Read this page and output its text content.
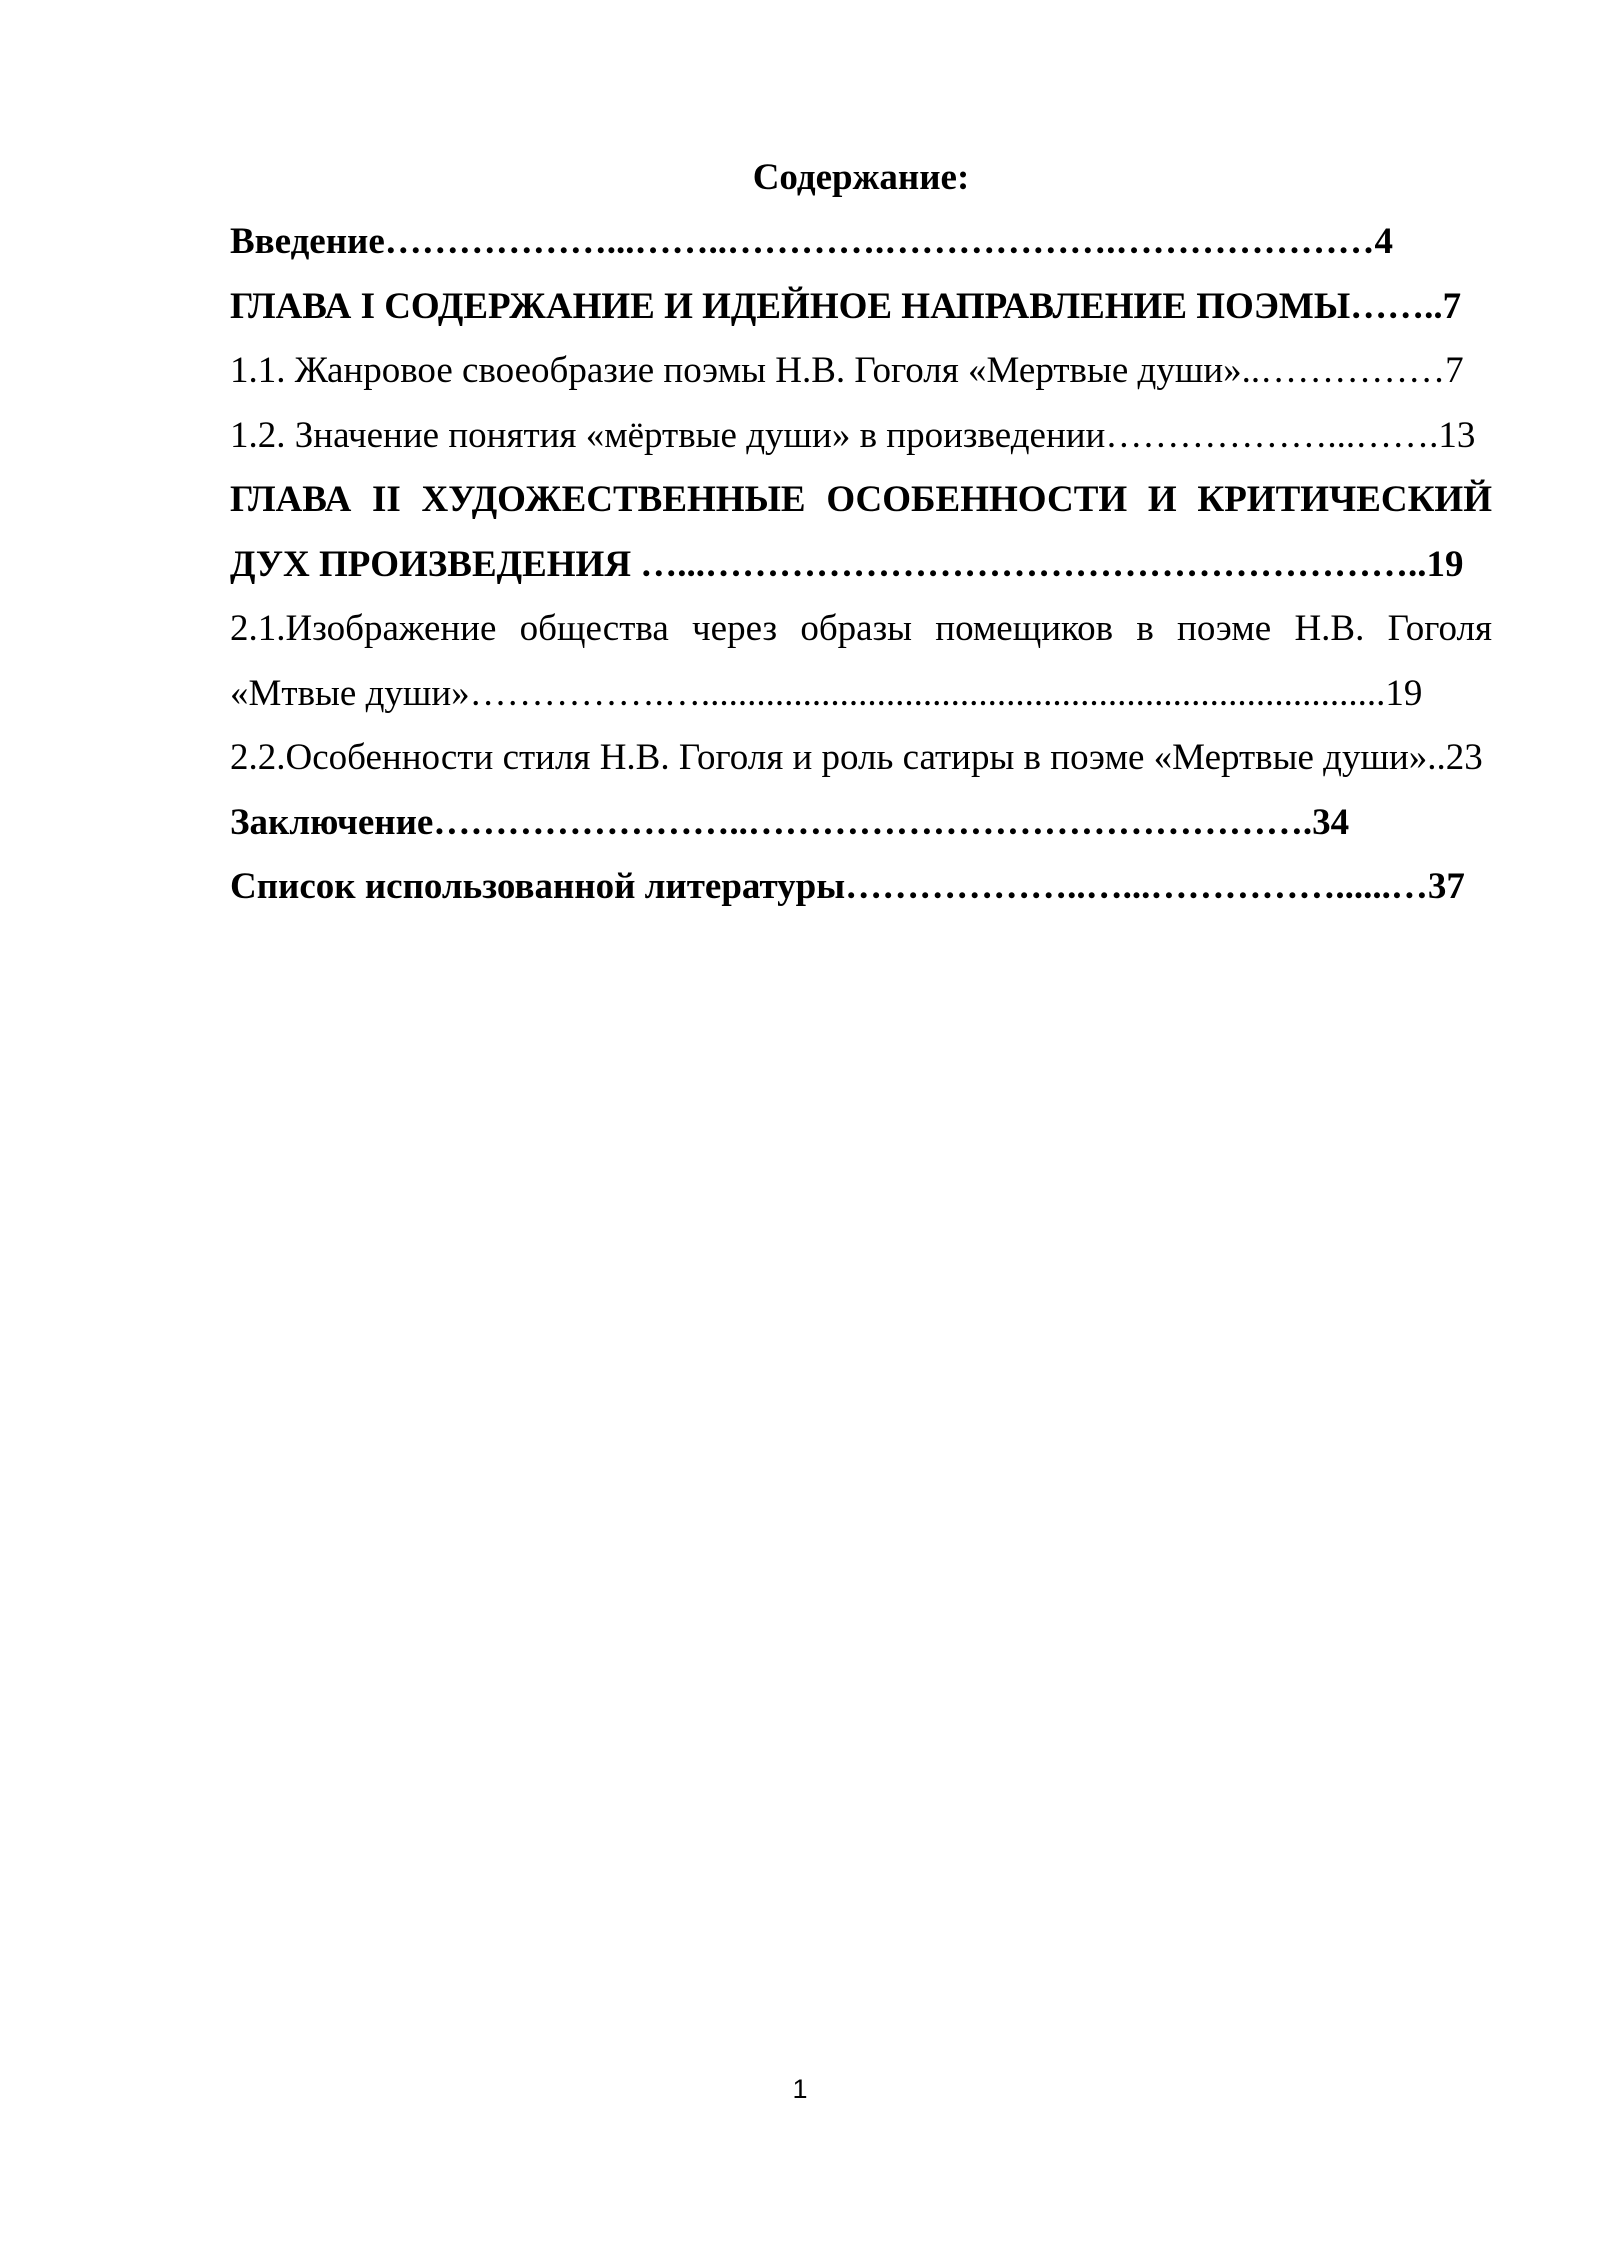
Содержание:

Введение………………...……..………….……………….…………………4

ГЛАВА I СОДЕРЖАНИЕ И ИДЕЙНОЕ НАПРАВЛЕНИЕ ПОЭМЫ……..7

1.1. Жанровое своеобразие поэмы Н.В. Гоголя «Мертвые души»..……………7

1.2. Значение понятия «мёртвые души» в произведении………………...…….13

ГЛАВА II ХУДОЖЕСТВЕННЫЕ ОСОБЕННОСТИ И КРИТИЧЕСКИЙ

ДУХ ПРОИЗВЕДЕНИЯ …...…………………………………………………..19

2.1.Изображение общества через образы помещиков в поэме Н.В. Гоголя

«Мтвые души»…………….…..........................................................................19

2.2.Особенности стиля Н.В. Гоголя и роль сатиры в поэме «Мертвые души»..23

Заключение……………………..……………………………………….34

Список использованной литературы………………..…...……………......…37

1
